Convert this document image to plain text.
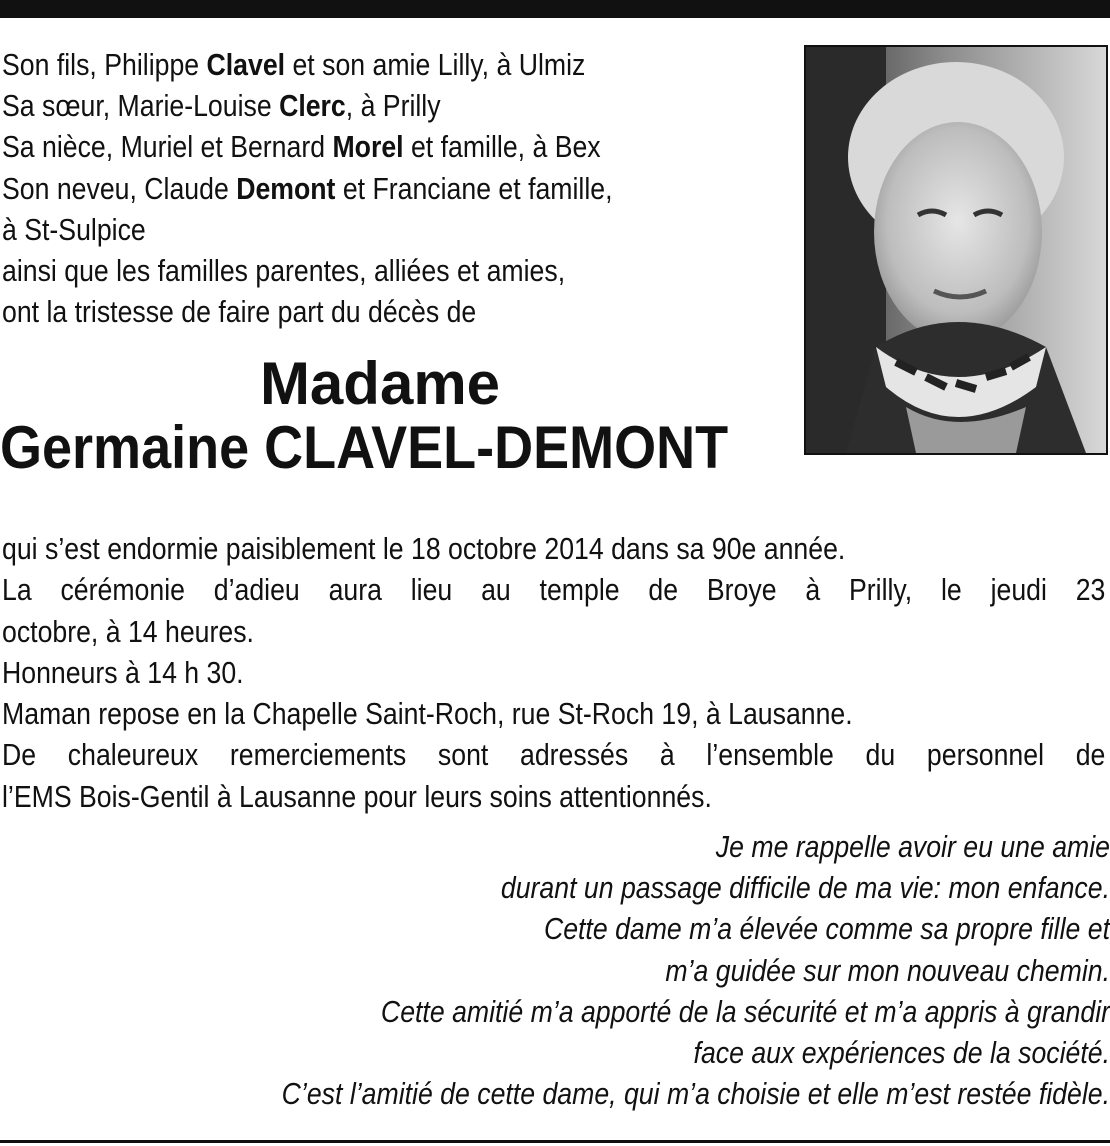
Son fils, Philippe Clavel et son amie Lilly, à Ulmiz
Sa sœur, Marie-Louise Clerc, à Prilly
Sa nièce, Muriel et Bernard Morel et famille, à Bex
Son neveu, Claude Demont et Franciane et famille,
à St-Sulpice
ainsi que les familles parentes, alliées et amies,
ont la tristesse de faire part du décès de
Madame
Germaine CLAVEL-DEMONT
qui s’est endormie paisiblement le 18 octobre 2014 dans sa 90e année.
La cérémonie d’adieu aura lieu au temple de Broye à Prilly, le jeudi 23
octobre, à 14 heures.
Honneurs à 14 h 30.
Maman repose en la Chapelle Saint-Roch, rue St-Roch 19, à Lausanne.
De chaleureux remerciements sont adressés à l’ensemble du personnel de
l’EMS Bois-Gentil à Lausanne pour leurs soins attentionnés.
Je me rappelle avoir eu une amie
durant un passage difficile de ma vie: mon enfance.
Cette dame m’a élevée comme sa propre fille et
m’a guidée sur mon nouveau chemin.
Cette amitié m’a apporté de la sécurité et m’a appris à grandir
face aux expériences de la société.
C’est l’amitié de cette dame, qui m’a choisie et elle m’est restée fidèle.
